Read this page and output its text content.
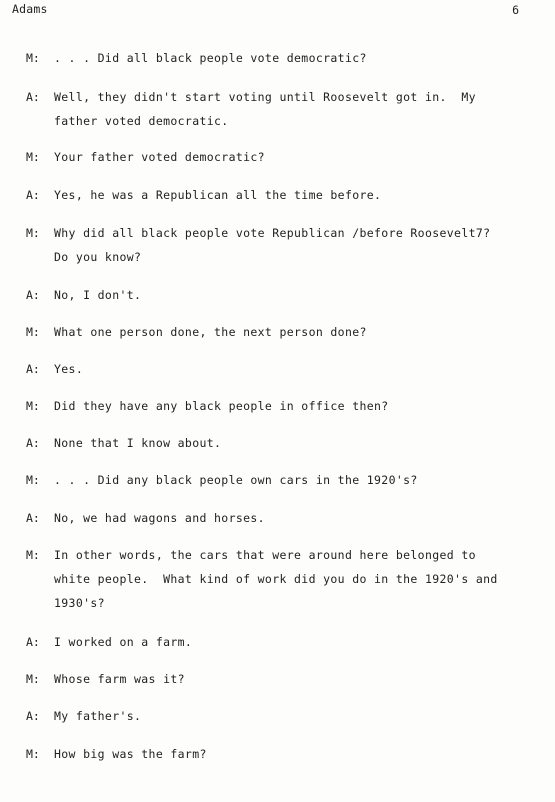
Adams	6
M: . . . Did all black people vote democratic?
A: Well, they didn't start voting until Roosevelt got in.  My
father voted democratic.
M: Your father voted democratic?
A: Yes, he was a Republican all the time before.
M: Why did all black people vote Republican /before Roosevelt7?
Do you know?
A: No, I don't.
M: What one person done, the next person done?
A: Yes.
M: Did they have any black people in office then?
A: None that I know about.
M: . . . Did any black people own cars in the 1920's?
A: No, we had wagons and horses.
M: In other words, the cars that were around here belonged to
white people.  What kind of work did you do in the 1920's and
1930's?
A: I worked on a farm.
M: Whose farm was it?
A: My father's.
M: How big was the farm?
